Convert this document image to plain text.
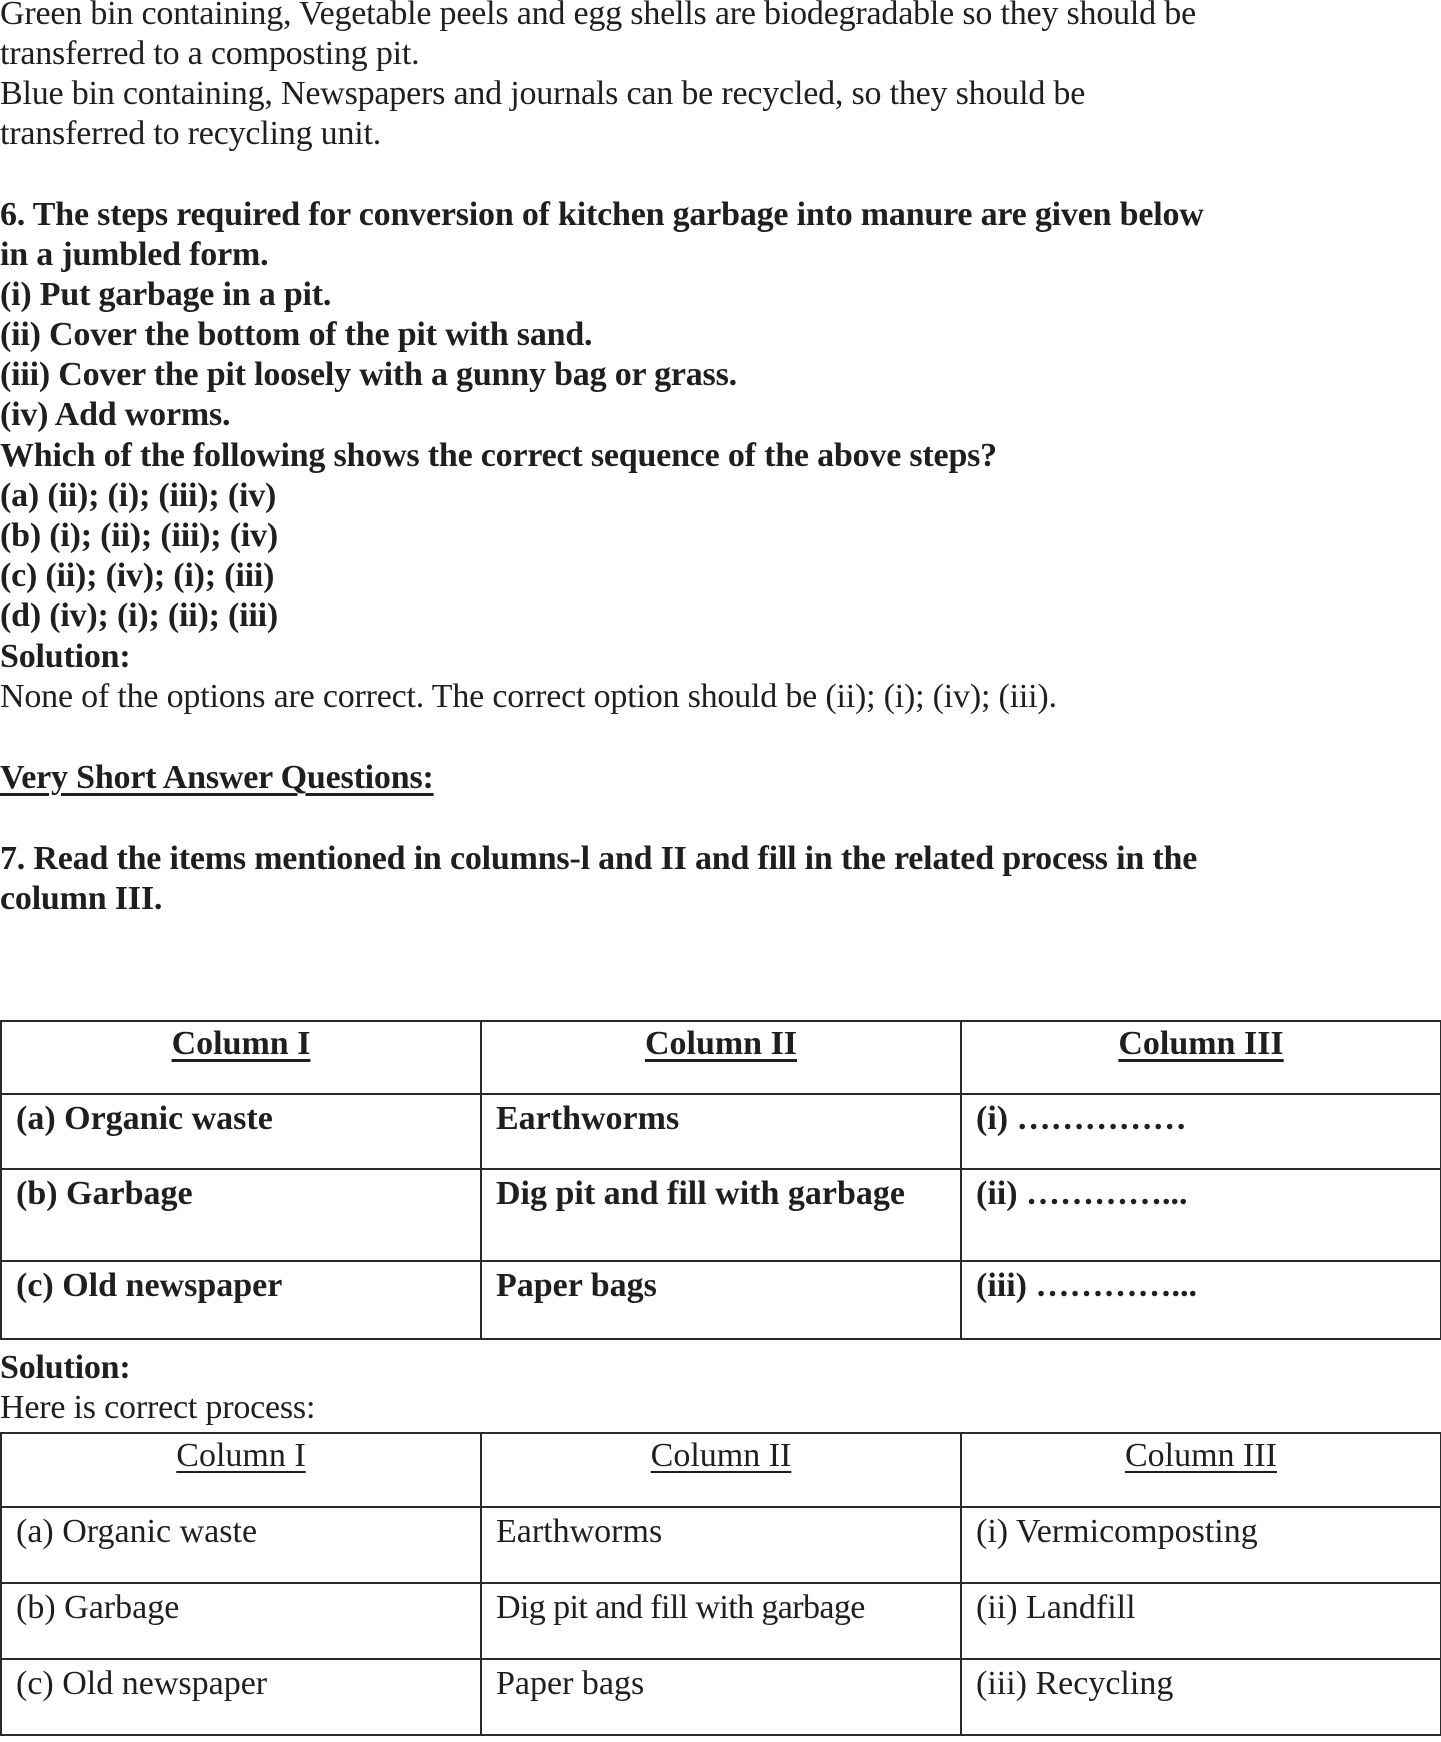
Green bin containing, Vegetable peels and egg shells are biodegradable so they should be
transferred to a composting pit.
Blue bin containing, Newspapers and journals can be recycled, so they should be
transferred to recycling unit.
6. The steps required for conversion of kitchen garbage into manure are given below
in a jumbled form.
(i) Put garbage in a pit.
(ii) Cover the bottom of the pit with sand.
(iii) Cover the pit loosely with a gunny bag or grass.
(iv) Add worms.
Which of the following shows the correct sequence of the above steps?
(a) (ii); (i); (iii); (iv)
(b) (i); (ii); (iii); (iv)
(c) (ii); (iv); (i); (iii)
(d) (iv); (i); (ii); (iii)
Solution:
None of the options are correct. The correct option should be (ii); (i); (iv); (iii).
Very Short Answer Questions:
7. Read the items mentioned in columns-l and II and fill in the related process in the
column III.
Column I	Column II	Column III
(a) Organic waste	Earthworms	(i) ……………
(b) Garbage	Dig pit and fill with garbage	(ii) …………...
(c) Old newspaper	Paper bags	(iii) …………...
Solution:
Here is correct process:
Column I	Column II	Column III
(a) Organic waste	Earthworms	(i) Vermicomposting
(b) Garbage	Dig pit and fill with garbage	(ii) Landfill
(c) Old newspaper	Paper bags	(iii) Recycling
